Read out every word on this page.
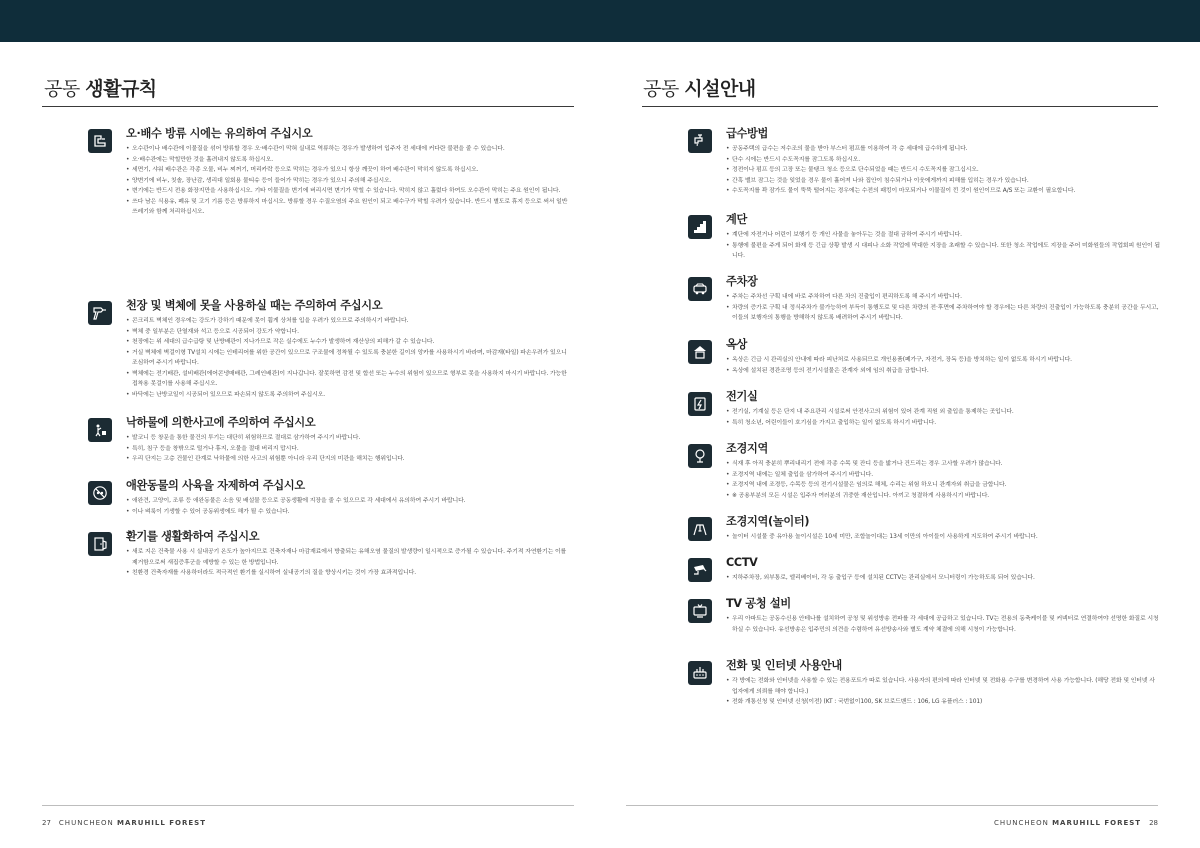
공동 생활규칙
오·배수 방류 시에는 유의하여 주십시오
• 오수관이나 배수관에 이물질을 섞어 방류할 경우 오·배수관이 막혀 실내로 역류하는 경우가 발생하여 입주자 전 세대에 커다란 불편을 줄 수 있습니다.
• 오·배수관에는 막힐만한 것을 흘려내지 않도록 하십시오.
• 세면기, 샤워 배수관은 각종 오물, 비누 찌꺼기, 머리카락 등으로 막히는 경우가 있으니 항상 깨끗이 하여 배수관이 막히지 않도록 하십시오.
• 양변기에 비누, 칫솔, 장난감, 생리대 일회용 물티슈 등이 들어가 막히는 경우가 있으니 주의해 주십시오.
• 변기에는 반드시 전용 화장지만을 사용하십시오. 기타 이물질을 변기에 버리시면 변기가 막힐 수 있습니다. 막히지 않고 흘렀다 하여도 오수관이 막히는 주요 원인이 됩니다.
• 쓰다 남은 식용유, 폐유 및 고기 기름 등은 방류하지 마십시오. 방류할 경우 수질오염의 주요 원인이 되고 배수구가 막힐 우려가 있습니다. 반드시 별도로 휴지 등으로 써서 일반쓰레기와 함께 처리하십시오.
천장 및 벽체에 못을 사용하실 때는 주의하여 주십시오
• 콘크리트 벽체인 경우에는 강도가 강하기 때문에 못이 휨게 상처를 입을 우려가 있으므로 주의하시기 바랍니다.
• 벽체 중 일부분은 단열재와 석고 등으로 시공되어 강도가 약합니다.
• 천장에는 위 세대의 급수급탕 및 난방배관이 지나가므로 작은 실수에도 누수가 발생하여 재산상의 피해가 갈 수 있습니다.
• 거실 벽체에 벽걸이형 TV설치 시에는 인테리어를 위한 공간이 있으므로 구조물에 정착될 수 있도록 충분한 길이의 앙카를 사용하시기 바라며, 마감재(타일) 파손우려가 있으니 조심하여 주시기 바랍니다.
• 벽체에는 전기배관, 설비배관(에어콘냉매배관, 그레인배관)이 지나갑니다. 잘못하면 감전 및 합선 또는 누수의 위험이 있으므로 형부로 못을 사용하지 마시기 바랍니다. 가능한 접착용 못걸이를 사용해 주십시오.
• 바닥에는 난방코일이 시공되어 있으므로 파손되지 않도록 주의하여 주십시오.
낙하물에 의한사고에 주의하여 주십시오
• 발코니 등 창문을 통한 물건의 투기는 대단히 위험하므로 절대로 삼가하여 주시기 바랍니다.
• 특히, 침구 등을 창밖으로 털거나 휴지, 오물을 절대 버리지 맙시다.
• 우리 단지는 고층 건물인 관계로 낙하물에 의한 사고의 위험뿐 아니라 우리 단지의 미관을 해치는 행위입니다.
애완동물의 사육을 자제하여 주십시오
• 애완견, 고양이, 조류 등 애완동물은 소음 및 배설물 등으로 공동생활에 지장을 줄 수 있으므로 각 세대에서 유의하여 주시기 바랍니다.
• 이나 벼룩이 기생할 수 있어 공동위생에도 해가 될 수 있습니다.
환기를 생활화하여 주십시오
• 새로 지은 건축물 사용 시 실내공기 온도가 높아지므로 건축자재나 마감재료에서 방출되는 유해오염 물질의 발생량이 일시적으로 증가될 수 있습니다. 주기적 자연환기는 이를 제거함으로써 새집증후군을 예방할 수 있는 한 방법입니다.
• 친환경 건축자재를 사용하더라도 적극적인 환기를 실시하여 실내공기의 질을 향상시키는 것이 가장 효과적입니다.
27 CHUNCHEON MARUHILL FOREST
공동 시설안내
급수방법
• 공동주택의 급수는 저수조의 물을 받아 부스터 펌프를 이용하여 각 층 세대에 급수하게 됩니다.
• 단수 시에는 반드시 수도꼭지를 잠그도록 하십시오.
• 정전이나 펌프 등의 고장 또는 물탱크 청소 등으로 단수되었을 때는 반드시 수도꼭지를 잠그십시오.
• 간혹 밸브 잠그는 것을 잊었을 경우 물이 흘어져 나와 집안이 침수되거나 이웃에게까지 피해를 입히는 경우가 있습니다.
• 수도꼭지를 꽉 잠가도 물이 뚝뚝 떨어지는 경우에는 수전의 패킹이 마모되거나 이물질이 낀 것이 원인이므로 A/S 또는 교환이 필요합니다.
계단
• 계단에 자전거나 어린이 보행기 등 개인 사물을 놓아두는 것을 절대 금하여 주시기 바랍니다.
• 통행에 불편을 주게 되어 화재 등 긴급 상황 발생 시 대피나 소화 작업에 막대한 지장을 초래할 수 있습니다. 또한 청소 작업에도 지장을 주어 미화원들의 작업회피 원인이 됩니다.
주차장
• 주차는 주차선 구획 내에 바로 주차하여 다른 차의 진출입이 편리하도록 해 주시기 바랍니다.
• 차량의 증가로 구획 내 정식주차가 불가능하여 부득이 통행도로 및 다른 차량의 전·후면에 주차하여야 할 경우에는 다른 차량의 진출입이 가능하도록 충분히 공간을 두시고, 이들의 보행자의 통행을 방해하지 않도록 배려하여 주시기 바랍니다.
옥상
• 옥상은 긴급 시 관리실의 안내에 따라 피난처로 사용되므로 개인용품(폐가구, 자전거, 장독 등)을 방치하는 일이 없도록 하시기 바랍니다.
• 옥상에 설치된 경관조명 등의 전기시설물은 관계자 외에 임의 취급을 금합니다.
전기실
• 전기실, 기계실 등은 단지 내 주요관리 시설로써 안전사고의 위험이 있어 관계 직원 외 출입을 통제하는 곳입니다.
• 특히 청소년, 어린이들이 호기심을 가지고 출입하는 일이 없도록 하시기 바랍니다.
조경지역
• 식재 후 아직 충분히 뿌리내리기 전에 각종 수목 및 잔디 등을 밟거나 건드리는 경우 고사할 우려가 많습니다.
• 조경지역 내에는 일체 출입을 삼가하여 주시기 바랍니다.
• 조경지역 내에 조경등, 수목등 등의 전기시설물은 임의로 해체, 수리는 위험 하오니 관계자외 취급을 금합니다.
• ※ 공용부분의 모든 시설은 입주자 여러분의 귀중한 재산입니다. 아끼고 청결하게 사용하시기 바랍니다.
조경지역(놀이터)
• 놀이터 시설물 중 유아용 놀이시설은 10세 미만, 조합놀이대는 13세 이만의 아이들이 사용하게 지도하여 주시기 바랍니다.
CCTV
• 지하주차장, 외부통로, 엘리베이터, 각 동 출입구 등에 설치된 CCTV는 관리실에서 모니터링이 가능하도록 되어 있습니다.
TV 공청 설비
• 우리 아파트는 공동수신용 안테나를 설치하여 공청 및 위성방송 전파를 각 세대에 공급하고 있습니다. TV는 전용의 동축케이블 및 커넥터로 연결하여야 선명한 화질로 시청하실 수 있습니다. 유선방송은 입주민의 의견을 수렴하여 유선방송사와 별도 계약 체결에 의해 시청이 가능합니다.
전화 및 인터넷 사용안내
• 각 방에는 전화와 인터넷을 사용할 수 있는 전용포트가 따로 있습니다. 사용자의 편의에 따라 인터넷 및 전화용 수구를 변경하여 사용 가능합니다. (해당 전화 및 인터넷 사업자에게 의뢰를 해야 합니다.)
• 전화 개통신청 및 인터넷 신청(이전) (KT : 국번없이100, SK 브로드밴드 : 106, LG 유플러스 : 101)
CHUNCHEON MARUHILL FOREST 28
